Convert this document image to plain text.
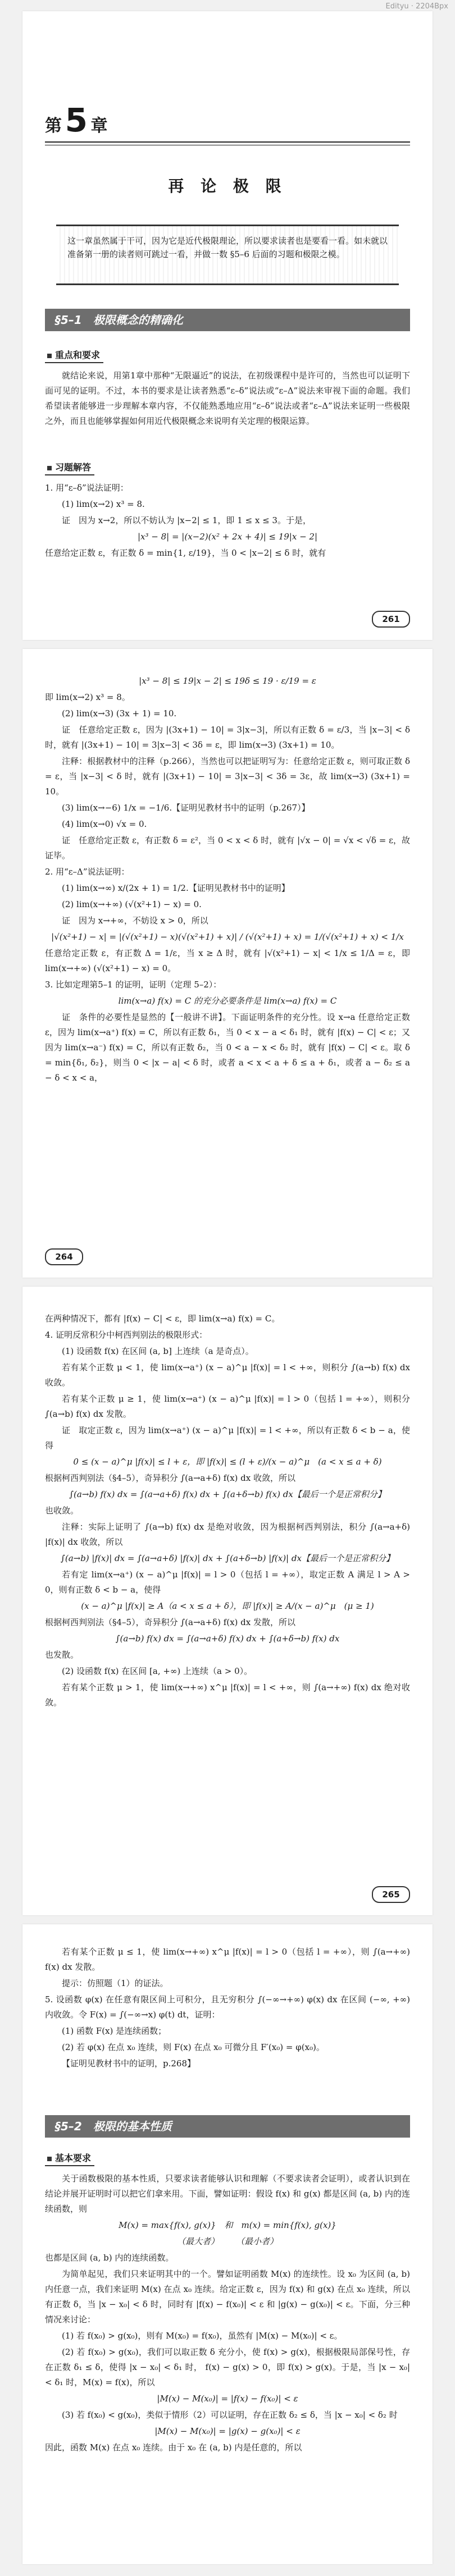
Edityu · 2204Bpx
第 5 章
再 论 极 限
这一章虽然属于干可，因为它是近代极限理论，所以要求读者也是要看一看。如未就以准备第一册的读者则可跳过一看，并做一数 §5–6 后面的习题和极限之模。
§5–1　极限概念的精确化
重点和要求

就结论来说，用第1章中那种“无限逼近”的说法，在初级课程中是许可的，当然也可以证明下面可见的证明。不过，本书的要求是让读者熟悉“ε–δ”说法或“ε–Δ”说法来审视下面的命题。我们希望读者能够进一步理解本章内容，不仅能熟悉地应用“ε–δ”说法或者“ε–Δ”说法来证明一些极限之外，而且也能够掌握如何用近代极限概念来说明有关定理的极限运算。

习题解答

1. 用“ε–δ”说法证明：

(1) lim(x→2) x³ = 8.

证　因为 x→2，所以不妨认为 |x−2| ≤ 1，即 1 ≤ x ≤ 3。于是，

|x³ − 8| = |(x−2)(x² + 2x + 4)| ≤ 19|x − 2|

任意给定正数 ε，有正数 δ = min{1, ε/19}，当 0 < |x−2| ≤ δ 时，就有

261

|x³ − 8| ≤ 19|x − 2| ≤ 19δ ≤ 19 · ε/19 = ε

即 lim(x→2) x³ = 8。

(2) lim(x→3) (3x + 1) = 10.

证　任意给定正数 ε，因为 |(3x+1) − 10| = 3|x−3|，所以有正数 δ = ε/3，当 |x−3| < δ 时，就有 |(3x+1) − 10| = 3|x−3| < 3δ = ε，即 lim(x→3) (3x+1) = 10。

注释：根据教材中的注释（p.266），当然也可以把证明写为：任意给定正数 ε，则可取正数 δ = ε，当 |x−3| < δ 时，就有 |(3x+1) − 10| = 3|x−3| < 3δ = 3ε，故 lim(x→3) (3x+1) = 10。

(3) lim(x→−6) 1/x = −1/6.【证明见教材书中的证明（p.267）】

(4) lim(x→0) √x = 0.

证　任意给定正数 ε，有正数 δ = ε²，当 0 < x < δ 时，就有 |√x − 0| = √x < √δ = ε，故证毕。

2. 用“ε–Δ”说法证明：

(1) lim(x→∞) x/(2x + 1) = 1/2.【证明见教材书中的证明】

(2) lim(x→+∞) (√(x²+1) − x) = 0.

证　因为 x→+∞，不妨设 x > 0，所以

|√(x²+1) − x| = |(√(x²+1) − x)(√(x²+1) + x)| / (√(x²+1) + x) = 1/(√(x²+1) + x) < 1/x

任意给定正数 ε，有正数 Δ = 1/ε，当 x ≥ Δ 时，就有 |√(x²+1) − x| < 1/x ≤ 1/Δ = ε，即 lim(x→+∞) (√(x²+1) − x) = 0。

3. 比如定理第5–1 的证明，证明（定理 5–2）：

lim(x→a) f(x) = C 的充分必要条件是 lim(x→a) f(x) = C

证　条件的必要性是显然的【一般讲不讲】。下面证明条件的充分性。设 x→a 任意给定正数 ε，因为 lim(x→a⁺) f(x) = C，所以有正数 δ₁，当 0 < x − a < δ₁ 时，就有 |f(x) − C| < ε；又因为 lim(x→a⁻) f(x) = C，所以有正数 δ₂，当 0 < a − x < δ₂ 时，就有 |f(x) − C| < ε。取 δ = min{δ₁, δ₂}，则当 0 < |x − a| < δ 时，或者 a < x < a + δ ≤ a + δ₁，或者 a − δ₂ ≤ a − δ < x < a，

264

在两种情况下，都有 |f(x) − C| < ε，即 lim(x→a) f(x) = C。

4. 证明反常积分中柯西判别法的极限形式：

(1) 设函数 f(x) 在区间 (a, b] 上连续（a 是奇点）。

若有某个正数 μ < 1，使 lim(x→a⁺) (x − a)^μ |f(x)| = l < +∞，则积分 ∫(a→b) f(x) dx 收敛。

若有某个正数 μ ≥ 1，使 lim(x→a⁺) (x − a)^μ |f(x)| = l > 0（包括 l = +∞），则积分 ∫(a→b) f(x) dx 发散。

证　取定正数 ε，因为 lim(x→a⁺) (x − a)^μ |f(x)| = l < +∞，所以有正数 δ < b − a，使得

0 ≤ (x − a)^μ |f(x)| ≤ l + ε，即 |f(x)| ≤ (l + ε)/(x − a)^μ　(a < x ≤ a + δ)

根据柯西判别法（§4–5），奇异积分 ∫(a→a+δ) f(x) dx 收敛，所以

∫(a→b) f(x) dx = ∫(a→a+δ) f(x) dx + ∫(a+δ→b) f(x) dx【最后一个是正常积分】

也收敛。

注释：实际上证明了 ∫(a→b) f(x) dx 是绝对收敛，因为根据柯西判别法，积分 ∫(a→a+δ) |f(x)| dx 收敛，所以

∫(a→b) |f(x)| dx = ∫(a→a+δ) |f(x)| dx + ∫(a+δ→b) |f(x)| dx【最后一个是正常积分】

若有定 lim(x→a⁺) (x − a)^μ |f(x)| = l > 0（包括 l = +∞），取定正数 A 满足 l > A > 0，则有正数 δ < b − a，使得

(x − a)^μ |f(x)| ≥ A（a < x ≤ a + δ），即 |f(x)| ≥ A/(x − a)^μ　(μ ≥ 1)

根据柯西判别法（§4–5），奇异积分 ∫(a→a+δ) f(x) dx 发散，所以

∫(a→b) f(x) dx = ∫(a→a+δ) f(x) dx + ∫(a+δ→b) f(x) dx

也发散。

(2) 设函数 f(x) 在区间 [a, +∞) 上连续（a > 0）。

若有某个正数 μ > 1，使 lim(x→+∞) x^μ |f(x)| = l < +∞，则 ∫(a→+∞) f(x) dx 绝对收敛。

265

若有某个正数 μ ≤ 1，使 lim(x→+∞) x^μ |f(x)| = l > 0（包括 l = +∞），则 ∫(a→+∞) f(x) dx 发散。

提示：仿照题（1）的证法。

5. 设函数 φ(x) 在任意有限区间上可积分，且无穷积分 ∫(−∞→+∞) φ(x) dx 在区间 (−∞, +∞) 内收敛。令 F(x) = ∫(−∞→x) φ(t) dt，证明：

(1) 函数 F(x) 是连续函数；

(2) 若 φ(x) 在点 x₀ 连续，则 F(x) 在点 x₀ 可微分且 F′(x₀) = φ(x₀)。

【证明见教材书中的证明，p.268】

§5–2　极限的基本性质
基本要求

关于函数极限的基本性质，只要求读者能够认识和理解（不要求读者会证明），或者认识到在结论并展开证明时可以把它们拿来用。下面，譬如证明：假设 f(x) 和 g(x) 都是区间 (a, b) 内的连续函数，则

M(x) = max{f(x), g(x)}　和　m(x) = min{f(x), g(x)}

（最大者）　　　（最小者）

也都是区间 (a, b) 内的连续函数。

为简单起见，我们只来证明其中的一个。譬如证明函数 M(x) 的连续性。设 x₀ 为区间 (a, b) 内任意一点，我们来证明 M(x) 在点 x₀ 连续。给定正数 ε，因为 f(x) 和 g(x) 在点 x₀ 连续，所以有正数 δ，当 |x − x₀| < δ 时，同时有 |f(x) − f(x₀)| < ε 和 |g(x) − g(x₀)| < ε。下面，分三种情况来讨论：

(1) 若 f(x₀) > g(x₀)，则有 M(x₀) = f(x₀)，虽然有 |M(x) − M(x₀)| < ε。

(2) 若 f(x₀) > g(x₀)，我们可以取正数 δ 充分小，使 f(x) > g(x)，根据极限局部保号性，存在正数 δ₁ ≤ δ，使得 |x − x₀| < δ₁ 时， f(x) − g(x) > 0，即 f(x) > g(x)。于是，当 |x − x₀| < δ₁ 时，M(x) = f(x)，所以

|M(x) − M(x₀)| = |f(x) − f(x₀)| < ε

(3) 若 f(x₀) < g(x₀)，类似于情形（2）可以证明，存在正数 δ₂ ≤ δ，当 |x − x₀| < δ₂ 时

|M(x) − M(x₀)| = |g(x) − g(x₀)| < ε

因此，函数 M(x) 在点 x₀ 连续。由于 x₀ 在 (a, b) 内是任意的，所以
